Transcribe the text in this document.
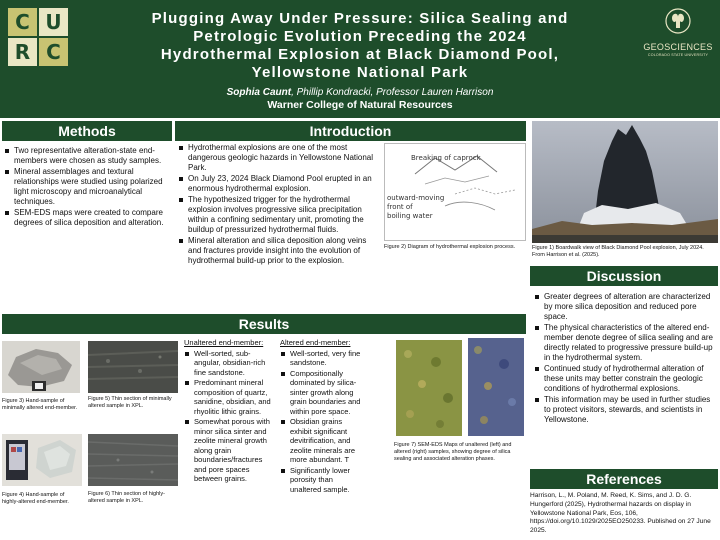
C U
R C
Plugging Away Under Pressure: Silica Sealing and
Petrologic Evolution Preceding the 2024
Hydrothermal Explosion at Black Diamond Pool,
Yellowstone National Park
Sophia Caunt, Phillip Kondracki, Professor Lauren Harrison
Warner College of Natural Resources
GEOSCIENCES
COLORADO STATE UNIVERSITY
Methods
Two representative alteration-state end-members were chosen as study samples.
Mineral assemblages and textural relationships were studied using polarized light microscopy and microanalytical techniques.
SEM-EDS maps were created to compare degrees of silica deposition and alteration.
Introduction
Hydrothermal explosions are one of the most dangerous geologic hazards in Yellowstone National Park.
On July 23, 2024 Black Diamond Pool erupted in an enormous hydrothermal explosion.
The hypothesized trigger for the hydrothermal explosion involves progressive silica precipitation within a confining sedimentary unit, promoting the buildup of pressurized hydrothermal fluids.
Mineral alteration and silica deposition along veins and fractures provide insight into the evolution of hydrothermal build-up prior to the explosion.
Breaking of caprock
outward-moving
front of
boiling water
Figure 2) Diagram of hydrothermal explosion process.	Figure 1) Boardwalk view of Black Diamond Pool explosion, July 2024. From Harrison et al. (2025).
Discussion
Greater degrees of alteration are characterized by more silica deposition and reduced pore space.
The physical characteristics of the altered end-member denote degree of silica sealing and are directly related to progressive pressure build-up in the hydrothermal system.
Continued study of hydrothermal alteration of these units may better constrain the geologic conditions of hydrothermal explosions.
This information may be used in further studies to protect visitors, stewards, and scientists in Yellowstone.
Results
Figure 3) Hand-sample of minimally altered end-member.
Figure 5) Thin section of minimally altered sample in XPL.
Figure 4) Hand-sample of highly-altered end-member.
Figure 6) Thin section of highly-altered sample in XPL.
Unaltered end-member:
Well-sorted, sub-angular, obsidian-rich fine sandstone.
Predominant mineral composition of quartz, sanidine, obsidian, and rhyolitic lithic grains.
Somewhat porous with minor silica sinter and zeolite mineral growth along grain boundaries/fractures and pore spaces between grains.
Altered end-member:
Well-sorted, very fine sandstone.
Compositionally dominated by silica-sinter growth along grain boundaries and within pore space.
Obsidian grains exhibit significant devitrification, and zeolite minerals are more abundant. T
Significantly lower porosity than unaltered sample.
Figure 7) SEM-EDS Maps of unaltered (left) and altered (right) samples, showing degree of silica sealing and associated alteration phases.
References
Harrison, L., M. Poland, M. Reed, K. Sims, and J. D. G. Hungerford (2025), Hydrothermal hazards on display in Yellowstone National Park, Eos, 106, https://doi.org/10.1029/2025EO250233. Published on 27 June 2025.
